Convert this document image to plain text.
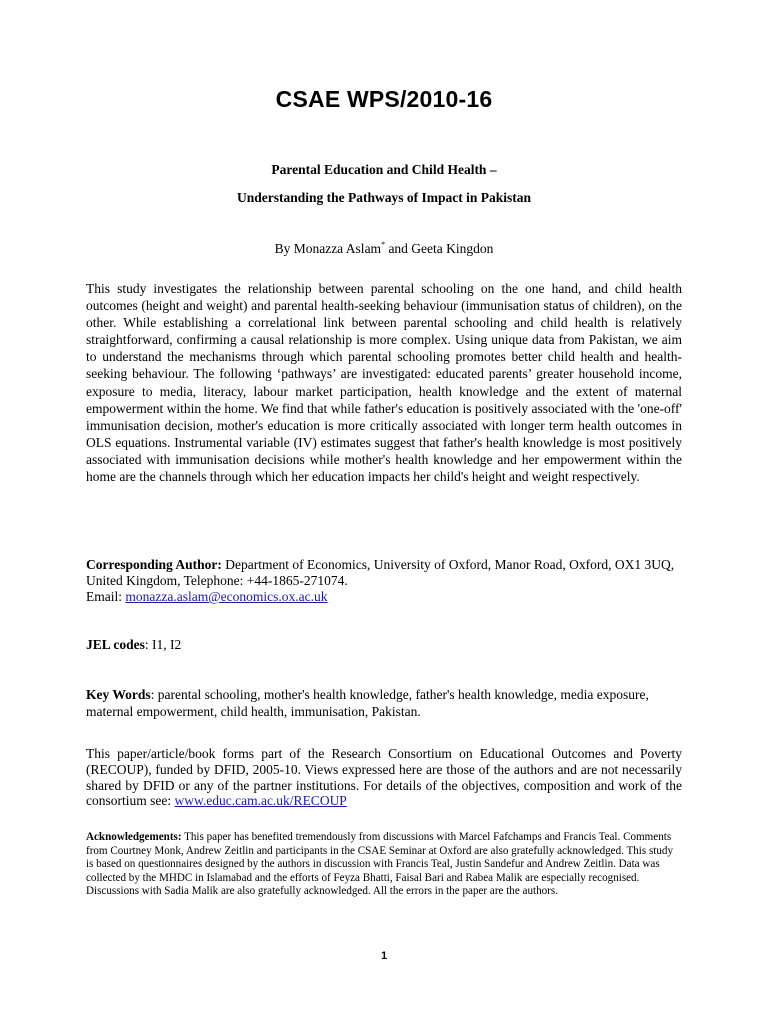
CSAE WPS/2010-16
Parental Education and Child Health –
Understanding the Pathways of Impact in Pakistan
By Monazza Aslam* and Geeta Kingdon

This study investigates the relationship between parental schooling on the one hand, and child health outcomes (height and weight) and parental health-seeking behaviour (immunisation status of children), on the other. While establishing a correlational link between parental schooling and child health is relatively straightforward, confirming a causal relationship is more complex. Using unique data from Pakistan, we aim to understand the mechanisms through which parental schooling promotes better child health and health-seeking behaviour. The following ‘pathways’ are investigated: educated parents’ greater household income, exposure to media, literacy, labour market participation, health knowledge and the extent of maternal empowerment within the home. We find that while father's education is positively associated with the 'one-off' immunisation decision, mother's education is more critically associated with longer term health outcomes in OLS equations. Instrumental variable (IV) estimates suggest that father's health knowledge is most positively associated with immunisation decisions while mother's health knowledge and her empowerment within the home are the channels through which her education impacts her child's height and weight respectively.

Corresponding Author: Department of Economics, University of Oxford, Manor Road, Oxford, OX1 3UQ, United Kingdom, Telephone: +44-1865-271074.
Email: monazza.aslam@economics.ox.ac.uk

JEL codes: I1, I2

Key Words: parental schooling, mother's health knowledge, father's health knowledge, media exposure, maternal empowerment, child health, immunisation, Pakistan.

This paper/article/book forms part of the Research Consortium on Educational Outcomes and Poverty (RECOUP), funded by DFID, 2005-10. Views expressed here are those of the authors and are not necessarily shared by DFID or any of the partner institutions. For details of the objectives, composition and work of the consortium see: www.educ.cam.ac.uk/RECOUP

Acknowledgements: This paper has benefited tremendously from discussions with Marcel Fafchamps and Francis Teal. Comments from Courtney Monk, Andrew Zeitlin and participants in the CSAE Seminar at Oxford are also gratefully acknowledged. This study is based on questionnaires designed by the authors in discussion with Francis Teal, Justin Sandefur and Andrew Zeitlin. Data was collected by the MHDC in Islamabad and the efforts of Feyza Bhatti, Faisal Bari and Rabea Malik are especially recognised. Discussions with Sadia Malik are also gratefully acknowledged. All the errors in the paper are the authors.

1
